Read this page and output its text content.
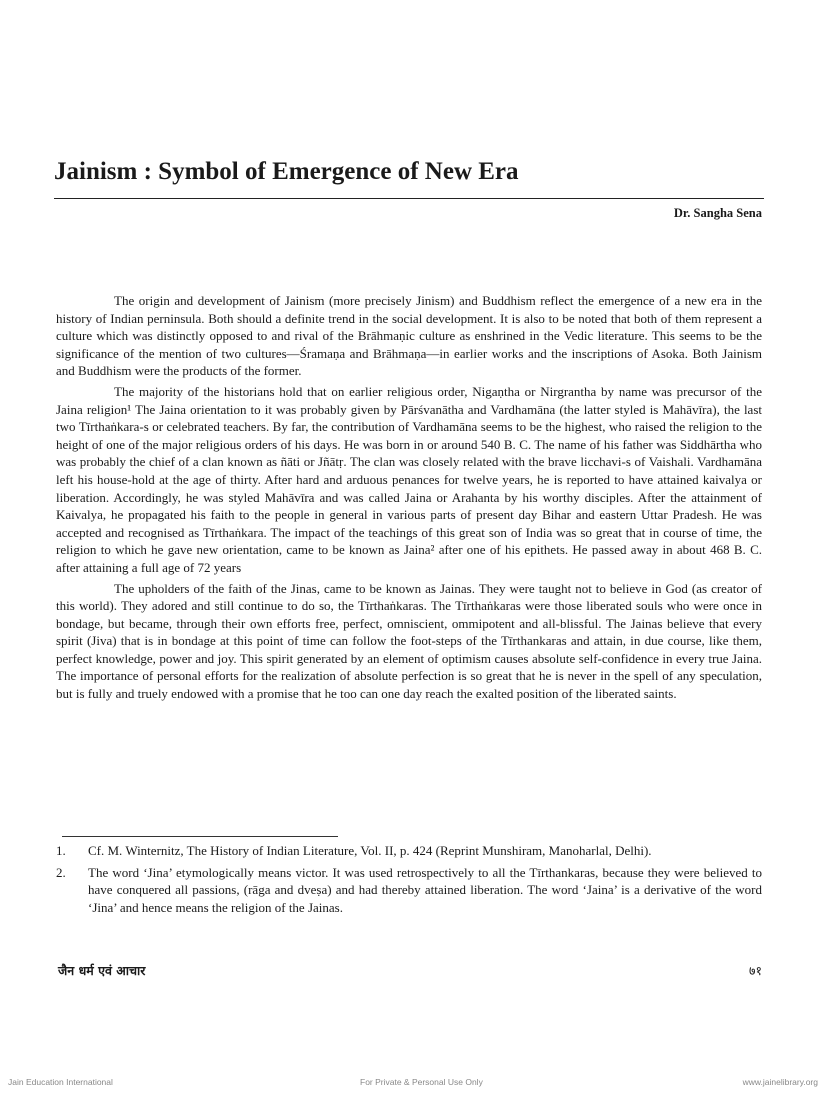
Jainism : Symbol of Emergence of New Era
Dr. Sangha Sena

The origin and development of Jainism (more precisely Jinism) and Buddhism reflect the emergence of a new era in the history of Indian perninsula. Both should a definite trend in the social development. It is also to be noted that both of them represent a culture which was distinctly opposed to and rival of the Brāhmaṇic culture as enshrined in the Vedic literature. This seems to be the significance of the mention of two cultures—Śramaṇa and Brāhmaṇa—in earlier works and the inscriptions of Asoka. Both Jainism and Buddhism were the products of the former.

The majority of the historians hold that on earlier religious order, Nigaṇtha or Nirgrantha by name was precursor of the Jaina religion¹ The Jaina orientation to it was probably given by Pārśvanātha and Vardhamāna (the latter styled is Mahāvīra), the last two Tīrthaṅkara-s or celebrated teachers. By far, the contribution of Vardhamāna seems to be the highest, who raised the religion to the height of one of the major religious orders of his days. He was born in or around 540 B. C. The name of his father was Siddhārtha who was probably the chief of a clan known as ñāti or Jñātṛ. The clan was closely related with the brave licchavi-s of Vaishali. Vardhamāna left his house-hold at the age of thirty. After hard and arduous penances for twelve years, he is reported to have attained kaivalya or liberation. Accordingly, he was styled Mahāvīra and was called Jaina or Arahanta by his worthy disciples. After the attainment of Kaivalya, he propagated his faith to the people in general in various parts of present day Bihar and eastern Uttar Pradesh. He was accepted and recognised as Tīrthaṅkara. The impact of the teachings of this great son of India was so great that in course of time, the religion to which he gave new orientation, came to be known as Jaina² after one of his epithets. He passed away in about 468 B. C. after attaining a full age of 72 years

The upholders of the faith of the Jinas, came to be known as Jainas. They were taught not to believe in God (as creator of this world). They adored and still continue to do so, the Tīrthaṅkaras. The Tīrthaṅkaras were those liberated souls who were once in bondage, but became, through their own efforts free, perfect, omniscient, ommipotent and all-blissful. The Jainas believe that every spirit (Jiva) that is in bondage at this point of time can follow the foot-steps of the Tīrthankaras and attain, in due course, like them, perfect knowledge, power and joy. This spirit generated by an element of optimism causes absolute self-confidence in every true Jaina. The importance of personal efforts for the realization of absolute perfection is so great that he is never in the spell of any speculation, but is fully and truely endowed with a promise that he too can one day reach the exalted position of the liberated saints.

1.	Cf. M. Winternitz, The History of Indian Literature, Vol. II, p. 424 (Reprint Munshiram, Manoharlal, Delhi).
2.	The word ‘Jina’ etymologically means victor. It was used retrospectively to all the Tīrthankaras, because they were believed to have conquered all passions, (rāga and dveṣa) and had thereby attained liberation. The word ‘Jaina’ is a derivative of the word ‘Jina’ and hence means the religion of the Jainas.
जैन धर्म एवं आचार	७१
Jain Education International	For Private & Personal Use Only	www.jainelibrary.org
